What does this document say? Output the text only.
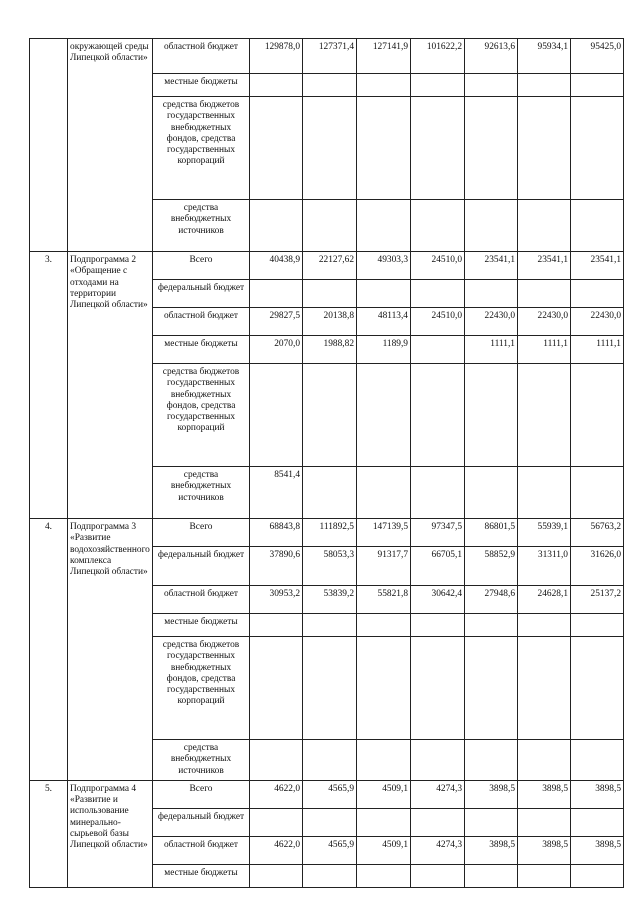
	окружающей среды Липецкой области»	областной бюджет	129878,0	127371,4	127141,9	101622,2	92613,6	95934,1	95425,0
		местные бюджеты							
		средства бюджетов государственных внебюджетных фондов, средства государственных корпораций							
		средства внебюджетных источников							
3.	Подпрограмма 2 «Обращение с отходами на территории Липецкой области»	Всего	40438,9	22127,62	49303,3	24510,0	23541,1	23541,1	23541,1
		федеральный бюджет							
		областной бюджет	29827,5	20138,8	48113,4	24510,0	22430,0	22430,0	22430,0
		местные бюджеты	2070,0	1988,82	1189,9		1111,1	1111,1	1111,1
		средства бюджетов государственных внебюджетных фондов, средства государственных корпораций							
		средства внебюджетных источников	8541,4						
4.	Подпрограмма 3 «Развитие водохозяйственного комплекса Липецкой области»	Всего	68843,8	111892,5	147139,5	97347,5	86801,5	55939,1	56763,2
		федеральный бюджет	37890,6	58053,3	91317,7	66705,1	58852,9	31311,0	31626,0
		областной бюджет	30953,2	53839,2	55821,8	30642,4	27948,6	24628,1	25137,2
		местные бюджеты							
		средства бюджетов государственных внебюджетных фондов, средства государственных корпораций							
		средства внебюджетных источников							
5.	Подпрограмма 4 «Развитие и использование минерально-сырьевой базы Липецкой области»	Всего	4622,0	4565,9	4509,1	4274,3	3898,5	3898,5	3898,5
		федеральный бюджет							
		областной бюджет	4622,0	4565,9	4509,1	4274,3	3898,5	3898,5	3898,5
		местные бюджеты							
